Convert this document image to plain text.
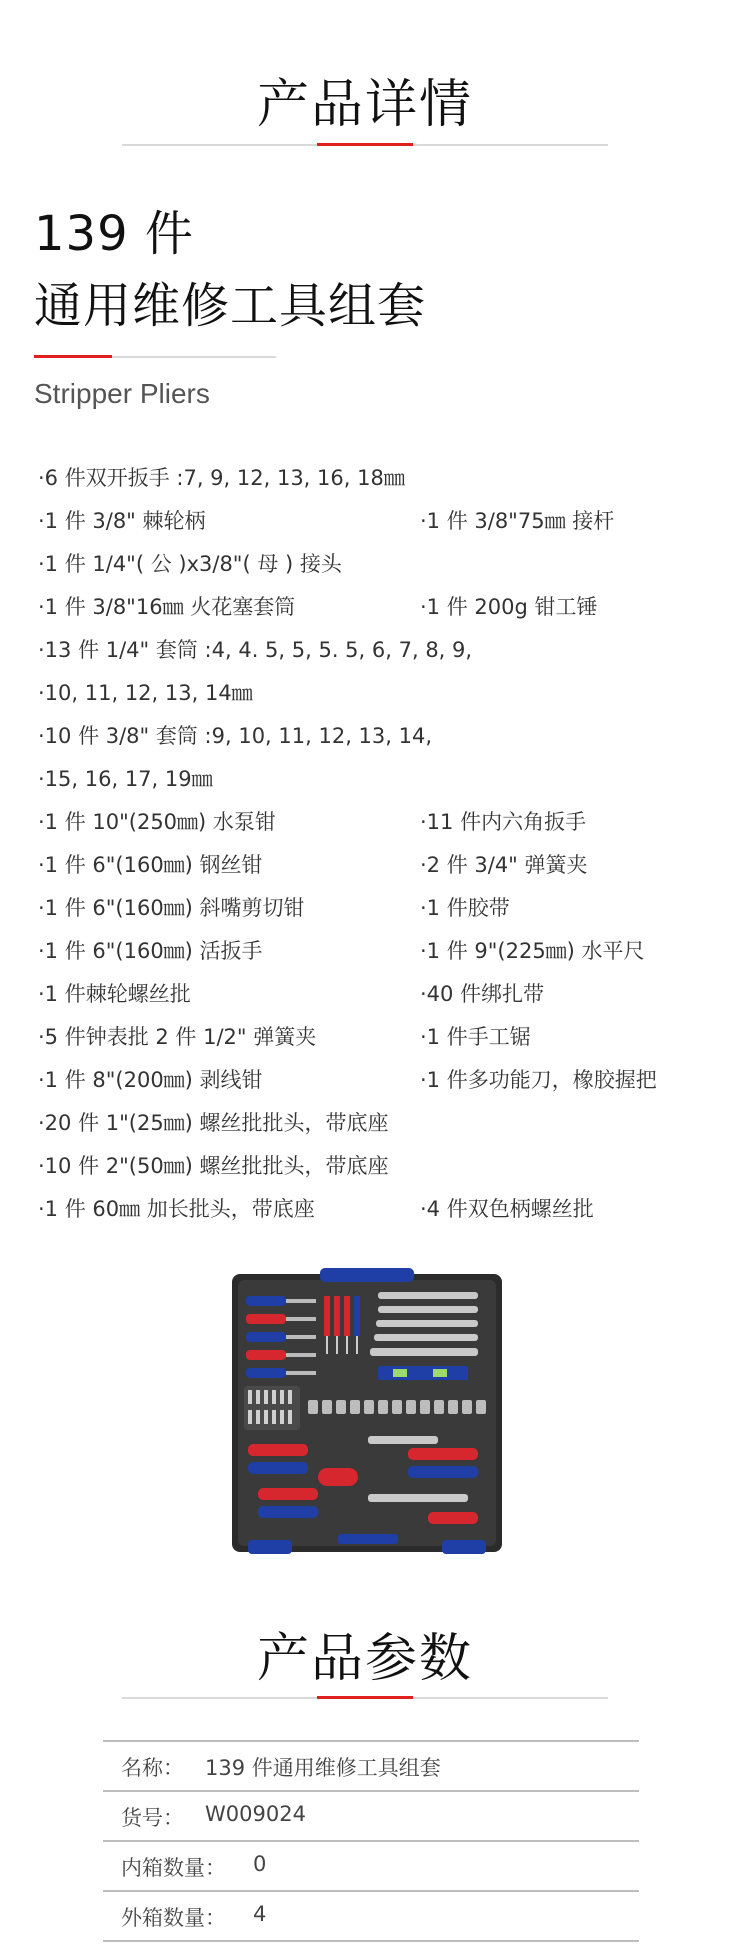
产品详情
139 件
通用维修工具组套
Stripper Pliers
·6 件双开扳手 :7, 9, 12, 13, 16, 18㎜
·1 件 3/8" 棘轮柄	·1 件 3/8"75㎜ 接杆
·1 件 1/4"( 公 )x3/8"( 母 ) 接头
·1 件 3/8"16㎜ 火花塞套筒	·1 件 200g 钳工锤
·13 件 1/4" 套筒 :4, 4. 5, 5, 5. 5, 6, 7, 8, 9,
·10, 11, 12, 13, 14㎜
·10 件 3/8" 套筒 :9, 10, 11, 12, 13, 14,
·15, 16, 17, 19㎜
·1 件 10"(250㎜) 水泵钳	·11 件内六角扳手
·1 件 6"(160㎜) 钢丝钳	·2 件 3/4" 弹簧夹
·1 件 6"(160㎜) 斜嘴剪切钳	·1 件胶带
·1 件 6"(160㎜) 活扳手	·1 件 9"(225㎜) 水平尺
·1 件棘轮螺丝批	·40 件绑扎带
·5 件钟表批 2 件 1/2" 弹簧夹	·1 件手工锯
·1 件 8"(200㎜) 剥线钳	·1 件多功能刀，橡胶握把
·20 件 1"(25㎜) 螺丝批批头，带底座
·10 件 2"(50㎜) 螺丝批批头，带底座
·1 件 60㎜ 加长批头，带底座	·4 件双色柄螺丝批
产品参数
名称： 139 件通用维修工具组套
货号： W009024
内箱数量： 0
外箱数量： 4
